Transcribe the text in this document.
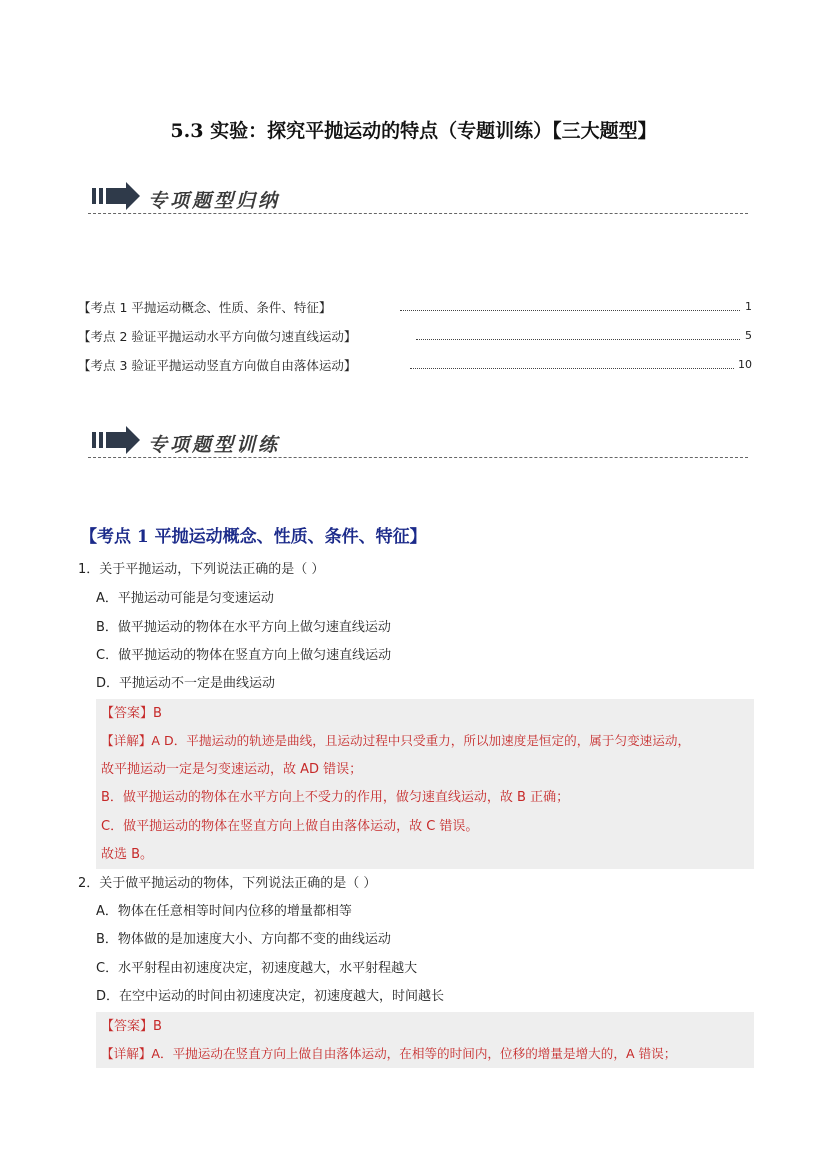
5.3 实验：探究平抛运动的特点（专题训练）【三大题型】
专项题型归纳
【考点 1 平抛运动概念、性质、条件、特征】	1
【考点 2 验证平抛运动水平方向做匀速直线运动】	5
【考点 3 验证平抛运动竖直方向做自由落体运动】	10
专项题型训练
【考点 1 平抛运动概念、性质、条件、特征】
1．关于平抛运动，下列说法正确的是（ ）
A．平抛运动可能是匀变速运动
B．做平抛运动的物体在水平方向上做匀速直线运动
C．做平抛运动的物体在竖直方向上做匀速直线运动
D．平抛运动不一定是曲线运动
【答案】B
【详解】A D．平抛运动的轨迹是曲线，且运动过程中只受重力，所以加速度是恒定的，属于匀变速运动，
故平抛运动一定是匀变速运动，故 AD 错误；
B．做平抛运动的物体在水平方向上不受力的作用，做匀速直线运动，故 B 正确；
C．做平抛运动的物体在竖直方向上做自由落体运动，故 C 错误。
故选 B。
2．关于做平抛运动的物体，下列说法正确的是（ ）
A．物体在任意相等时间内位移的增量都相等
B．物体做的是加速度大小、方向都不变的曲线运动
C．水平射程由初速度决定，初速度越大，水平射程越大
D．在空中运动的时间由初速度决定，初速度越大，时间越长
【答案】B
【详解】A．平抛运动在竖直方向上做自由落体运动，在相等的时间内，位移的增量是增大的，A 错误；
